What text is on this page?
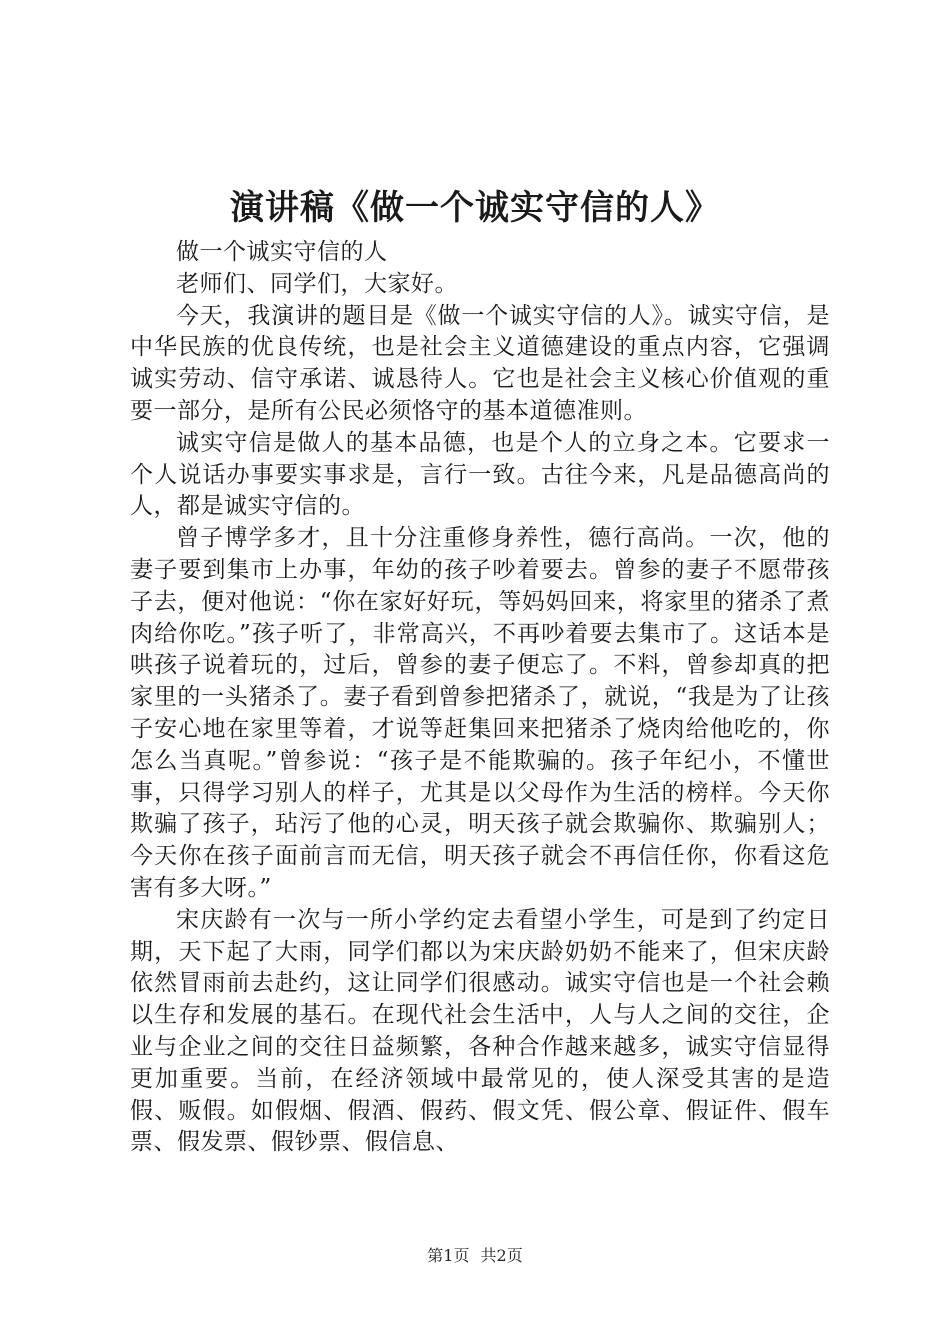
演讲稿《做一个诚实守信的人》

做一个诚实守信的人

老师们、同学们，大家好。

今天，我演讲的题目是《做一个诚实守信的人》。诚实守信，是中华民族的优良传统，也是社会主义道德建设的重点内容，它强调诚实劳动、信守承诺、诚恳待人。它也是社会主义核心价值观的重要一部分，是所有公民必须恪守的基本道德准则。

诚实守信是做人的基本品德，也是个人的立身之本。它要求一个人说话办事要实事求是，言行一致。古往今来，凡是品德高尚的人，都是诚实守信的。

曾子博学多才，且十分注重修身养性，德行高尚。一次，他的妻子要到集市上办事，年幼的孩子吵着要去。曾参的妻子不愿带孩子去，便对他说：“你在家好好玩，等妈妈回来，将家里的猪杀了煮肉给你吃。”孩子听了，非常高兴，不再吵着要去集市了。这话本是哄孩子说着玩的，过后，曾参的妻子便忘了。不料，曾参却真的把家里的一头猪杀了。妻子看到曾参把猪杀了，就说，“我是为了让孩子安心地在家里等着，才说等赶集回来把猪杀了烧肉给他吃的，你怎么当真呢。”曾参说：“孩子是不能欺骗的。孩子年纪小，不懂世事，只得学习别人的样子，尤其是以父母作为生活的榜样。今天你欺骗了孩子，玷污了他的心灵，明天孩子就会欺骗你、欺骗别人；今天你在孩子面前言而无信，明天孩子就会不再信任你，你看这危害有多大呀。”

宋庆龄有一次与一所小学约定去看望小学生，可是到了约定日期，天下起了大雨，同学们都以为宋庆龄奶奶不能来了，但宋庆龄依然冒雨前去赴约，这让同学们很感动。诚实守信也是一个社会赖以生存和发展的基石。在现代社会生活中，人与人之间的交往，企业与企业之间的交往日益频繁，各种合作越来越多，诚实守信显得更加重要。当前，在经济领域中最常见的，使人深受其害的是造假、贩假。如假烟、假酒、假药、假文凭、假公章、假证件、假车票、假发票、假钞票、假信息、

第1页 共2页
